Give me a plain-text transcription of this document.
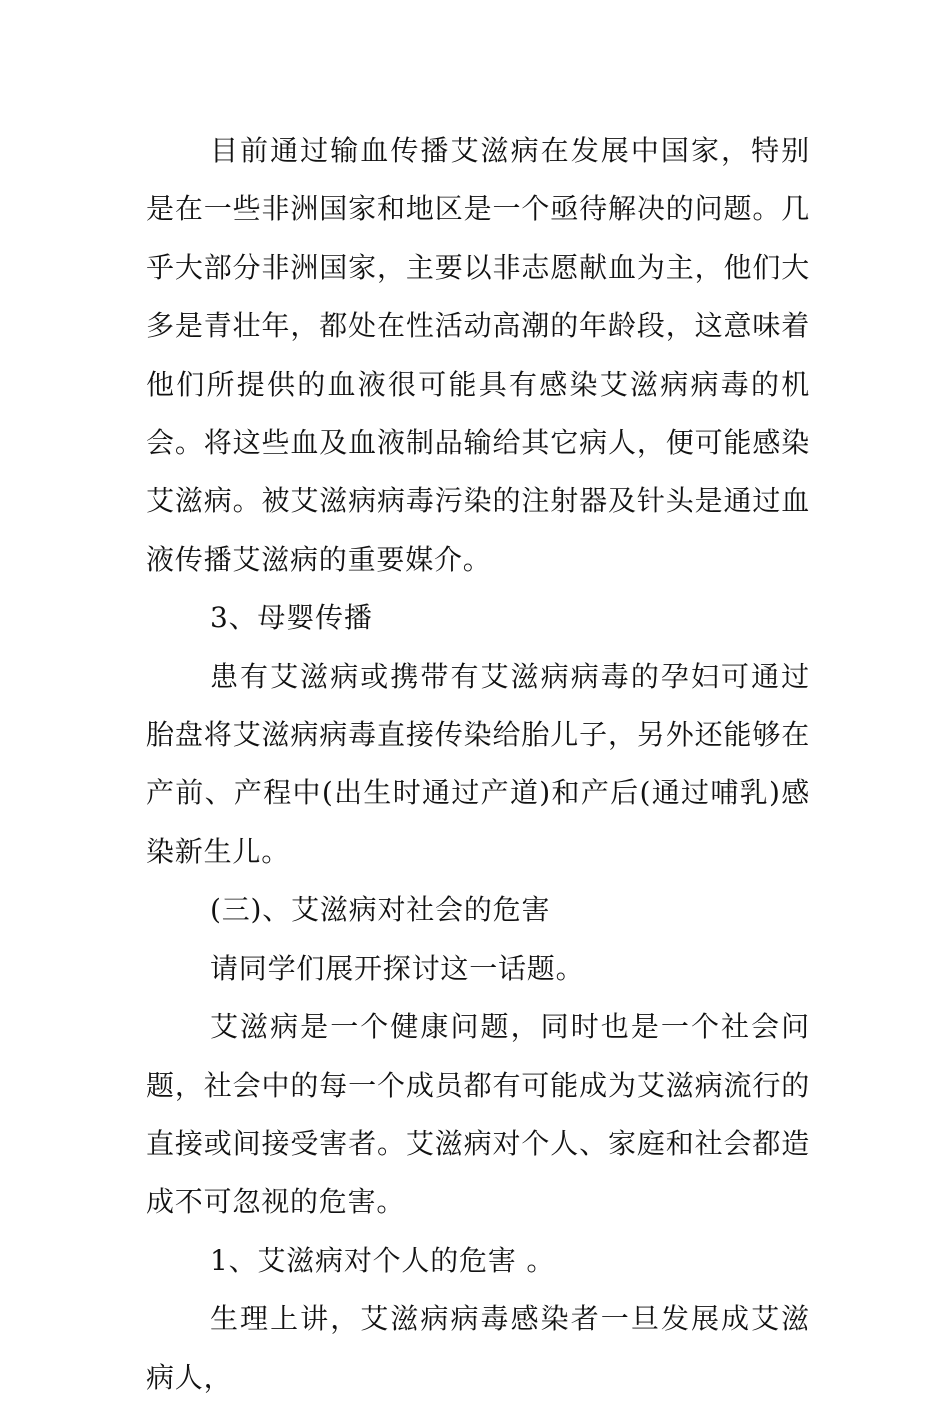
目前通过输血传播艾滋病在发展中国家，特别是在一些非洲国家和地区是一个亟待解决的问题。几乎大部分非洲国家，主要以非志愿献血为主，他们大多是青壮年，都处在性活动高潮的年龄段，这意味着他们所提供的血液很可能具有感染艾滋病病毒的机会。将这些血及血液制品输给其它病人，便可能感染艾滋病。被艾滋病病毒污染的注射器及针头是通过血液传播艾滋病的重要媒介。

3、母婴传播

患有艾滋病或携带有艾滋病病毒的孕妇可通过胎盘将艾滋病病毒直接传染给胎儿子，另外还能够在产前、产程中(出生时通过产道)和产后(通过哺乳)感染新生儿。

(三)、艾滋病对社会的危害

请同学们展开探讨这一话题。

艾滋病是一个健康问题，同时也是一个社会问题，社会中的每一个成员都有可能成为艾滋病流行的直接或间接受害者。艾滋病对个人、家庭和社会都造成不可忽视的危害。

1、艾滋病对个人的危害 。

生理上讲，艾滋病病毒感染者一旦发展成艾滋病人，
